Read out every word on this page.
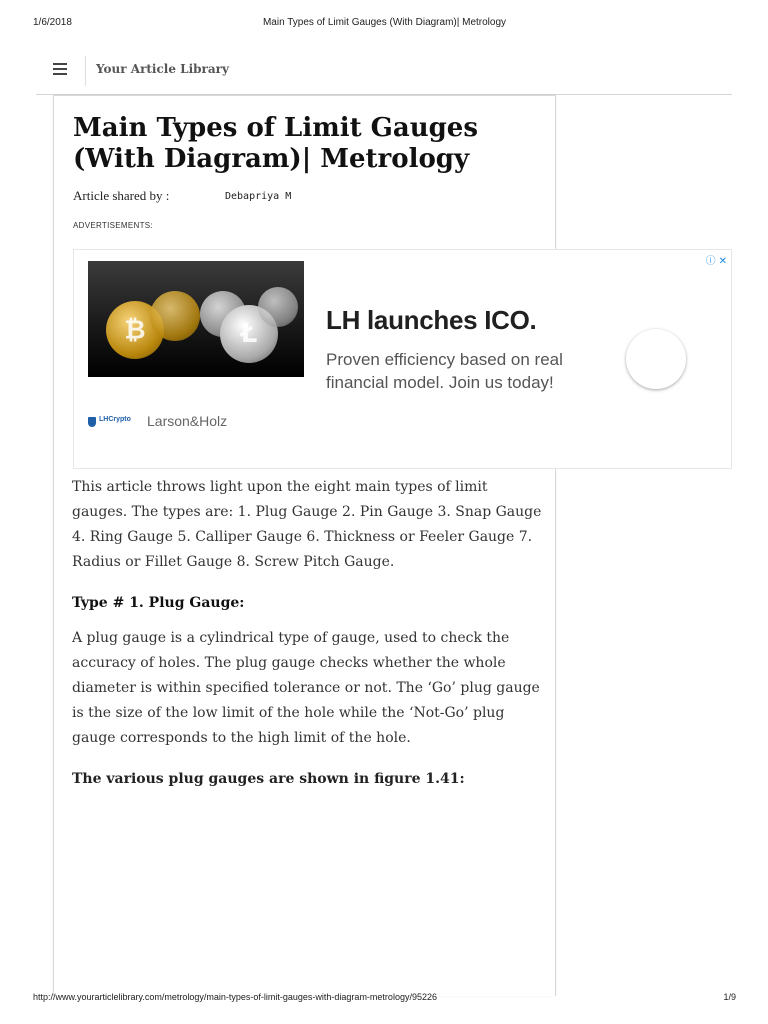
1/6/2018	Main Types of Limit Gauges (With Diagram)| Metrology
Your Article Library
Main Types of Limit Gauges (With Diagram)| Metrology
Article shared by :	Debapriya M
ADVERTISEMENTS:
₿	Ł	LH launches ICO.
Proven efficiency based on real financial model. Join us today!
ⓘ ✕
LHCrypto Larson&Holz

This article throws light upon the eight main types of limit gauges. The types are: 1. Plug Gauge 2. Pin Gauge 3. Snap Gauge 4. Ring Gauge 5. Calliper Gauge 6. Thickness or Feeler Gauge 7. Radius or Fillet Gauge 8. Screw Pitch Gauge.

Type # 1. Plug Gauge:

A plug gauge is a cylindrical type of gauge, used to check the accuracy of holes. The plug gauge checks whether the whole diameter is within specified tolerance or not. The ‘Go’ plug gauge is the size of the low limit of the hole while the ‘Not-Go’ plug gauge corresponds to the high limit of the hole.

The various plug gauges are shown in figure 1.41:
http://www.yourarticlelibrary.com/metrology/main-types-of-limit-gauges-with-diagram-metrology/95226	1/9
